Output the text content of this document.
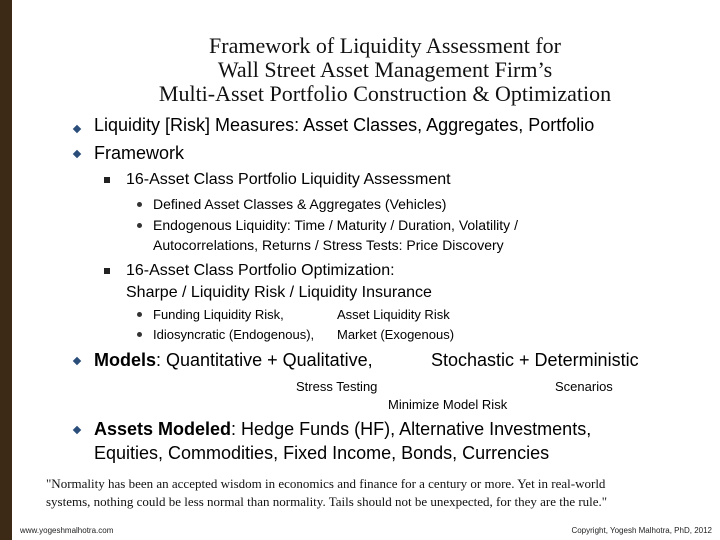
Framework of Liquidity Assessment for
Wall Street Asset Management Firm’s
Multi-Asset Portfolio Construction & Optimization
Liquidity [Risk] Measures: Asset Classes, Aggregates, Portfolio
Framework
16-Asset Class Portfolio Liquidity Assessment
Defined Asset Classes & Aggregates (Vehicles)
Endogenous Liquidity: Time / Maturity / Duration, Volatility /
Autocorrelations, Returns / Stress Tests: Price Discovery
16-Asset Class Portfolio Optimization:
Sharpe / Liquidity Risk / Liquidity Insurance
Funding Liquidity Risk,	Asset Liquidity Risk
Idiosyncratic (Endogenous), Market (Exogenous)
Models: Quantitative + Qualitative,	Stochastic + Deterministic
Stress Testing	Scenarios
Minimize Model Risk
Assets Modeled: Hedge Funds (HF), Alternative Investments,
Equities, Commodities, Fixed Income, Bonds, Currencies
"Normality has been an accepted wisdom in economics and finance for a century or more. Yet in real-world
systems, nothing could be less normal than normality. Tails should not be unexpected, for they are the rule."
www.yogeshmalhotra.com	Copyright, Yogesh Malhotra, PhD, 2012
